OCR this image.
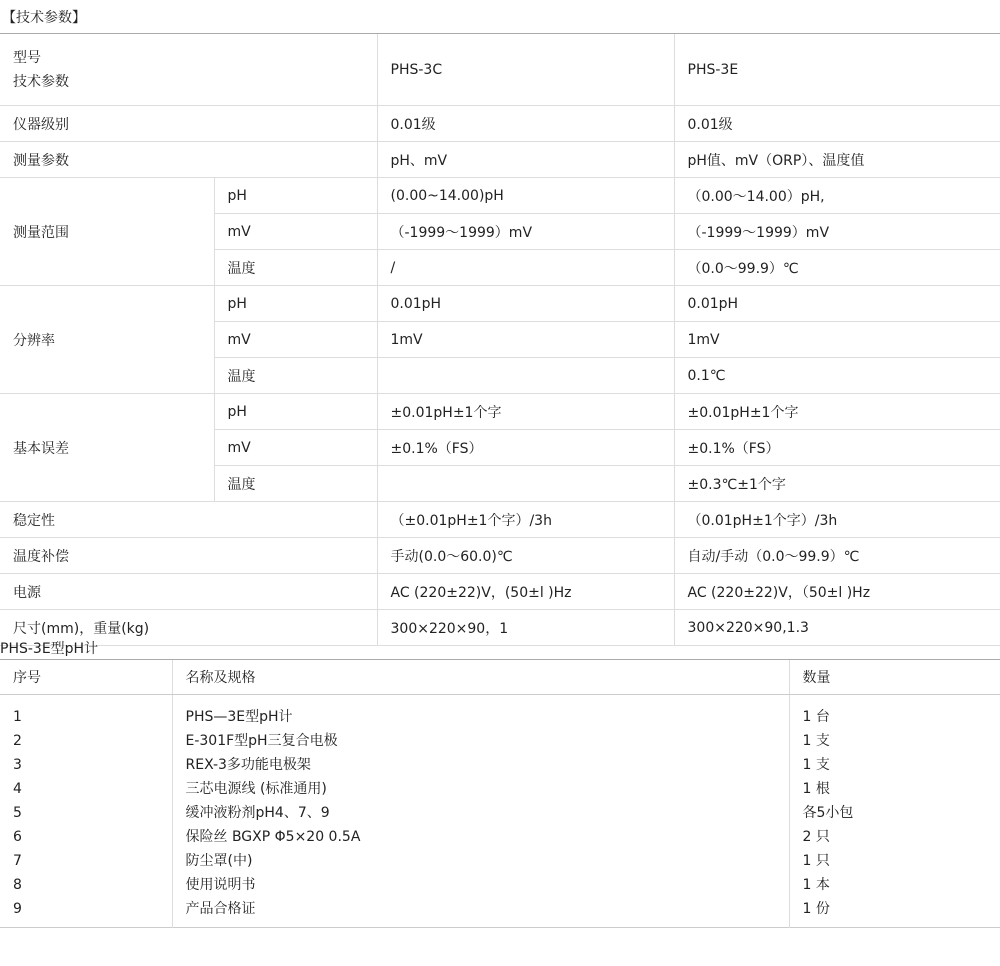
【技术参数】
型号
技术参数		PHS-3C	PHS-3E
仪器级别		0.01级	0.01级
测量参数		pH、mV	pH值、mV（ORP）、温度值
测量范围	pH	(0.00~14.00)pH	（0.00～14.00）pH,
	mV	（-1999～1999）mV	（-1999～1999）mV
	温度	/	（0.0～99.9）℃
分辨率	pH	0.01pH	0.01pH
	mV	1mV	1mV
	温度		0.1℃
基本误差	pH	±0.01pH±1个字	±0.01pH±1个字
	mV	±0.1%（FS）	±0.1%（FS）
	温度		±0.3℃±1个字
稳定性		（±0.01pH±1个字）/3h	（0.01pH±1个字）/3h
温度补偿		手动(0.0～60.0)℃	自动/手动（0.0～99.9）℃
电源		AC (220±22)V，(50±l )Hz	AC (220±22)V，（50±l )Hz
尺寸(mm)，重量(kg)		300×220×90，1	300×220×90,1.3
PHS-3E型pH计
序号	名称及规格	数量
1	PHS—3E型pH计	1 台
2	E-301F型pH三复合电极	1 支
3	REX-3多功能电极架	1 支
4	三芯电源线 (标准通用)	1 根
5	缓冲液粉剂pH4、7、9	各5小包
6	保险丝 BGXP Φ5×20 0.5A	2 只
7	防尘罩(中)	1 只
8	使用说明书	1 本
9	产品合格证	1 份
